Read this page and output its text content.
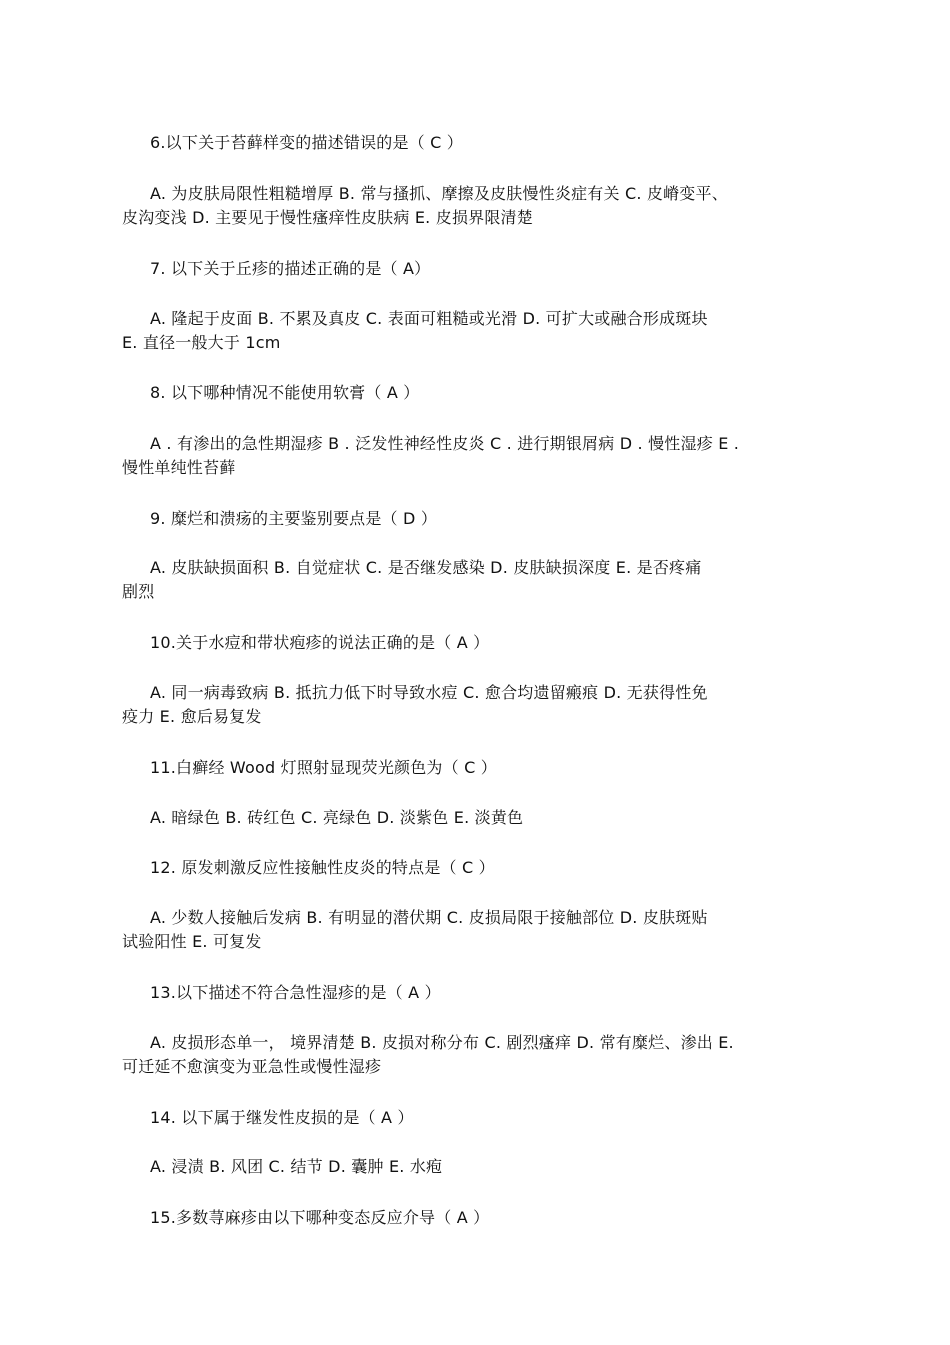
6.以下关于苔藓样变的描述错误的是（ C ）
A. 为皮肤局限性粗糙增厚 B. 常与搔抓、摩擦及皮肤慢性炎症有关 C. 皮嵴变平、
皮沟变浅 D. 主要见于慢性瘙痒性皮肤病 E. 皮损界限清楚
7. 以下关于丘疹的描述正确的是（ A）
A. 隆起于皮面 B. 不累及真皮 C. 表面可粗糙或光滑 D. 可扩大或融合形成斑块
E. 直径一般大于 1cm
8. 以下哪种情况不能使用软膏（ A ）
A . 有渗出的急性期湿疹 B . 泛发性神经性皮炎 C . 进行期银屑病 D . 慢性湿疹 E .
慢性单纯性苔藓
9. 糜烂和溃疡的主要鉴别要点是（ D ）
A. 皮肤缺损面积 B. 自觉症状 C. 是否继发感染 D. 皮肤缺损深度 E. 是否疼痛
剧烈
10.关于水痘和带状疱疹的说法正确的是（ A ）
A. 同一病毒致病 B. 抵抗力低下时导致水痘 C. 愈合均遗留瘢痕 D. 无获得性免
疫力 E. 愈后易复发
11.白癣经 Wood 灯照射显现荧光颜色为（ C ）
A. 暗绿色 B. 砖红色 C. 亮绿色 D. 淡紫色 E. 淡黄色
12. 原发刺激反应性接触性皮炎的特点是（ C ）
A. 少数人接触后发病 B. 有明显的潜伏期 C. 皮损局限于接触部位 D. 皮肤斑贴
试验阳性 E. 可复发
13.以下描述不符合急性湿疹的是（ A ）
A. 皮损形态单一， 境界清楚 B. 皮损对称分布 C. 剧烈瘙痒 D. 常有糜烂、渗出 E.
可迁延不愈演变为亚急性或慢性湿疹
14. 以下属于继发性皮损的是（ A ）
A. 浸渍 B. 风团 C. 结节 D. 囊肿 E. 水疱
15.多数荨麻疹由以下哪种变态反应介导（ A ）
